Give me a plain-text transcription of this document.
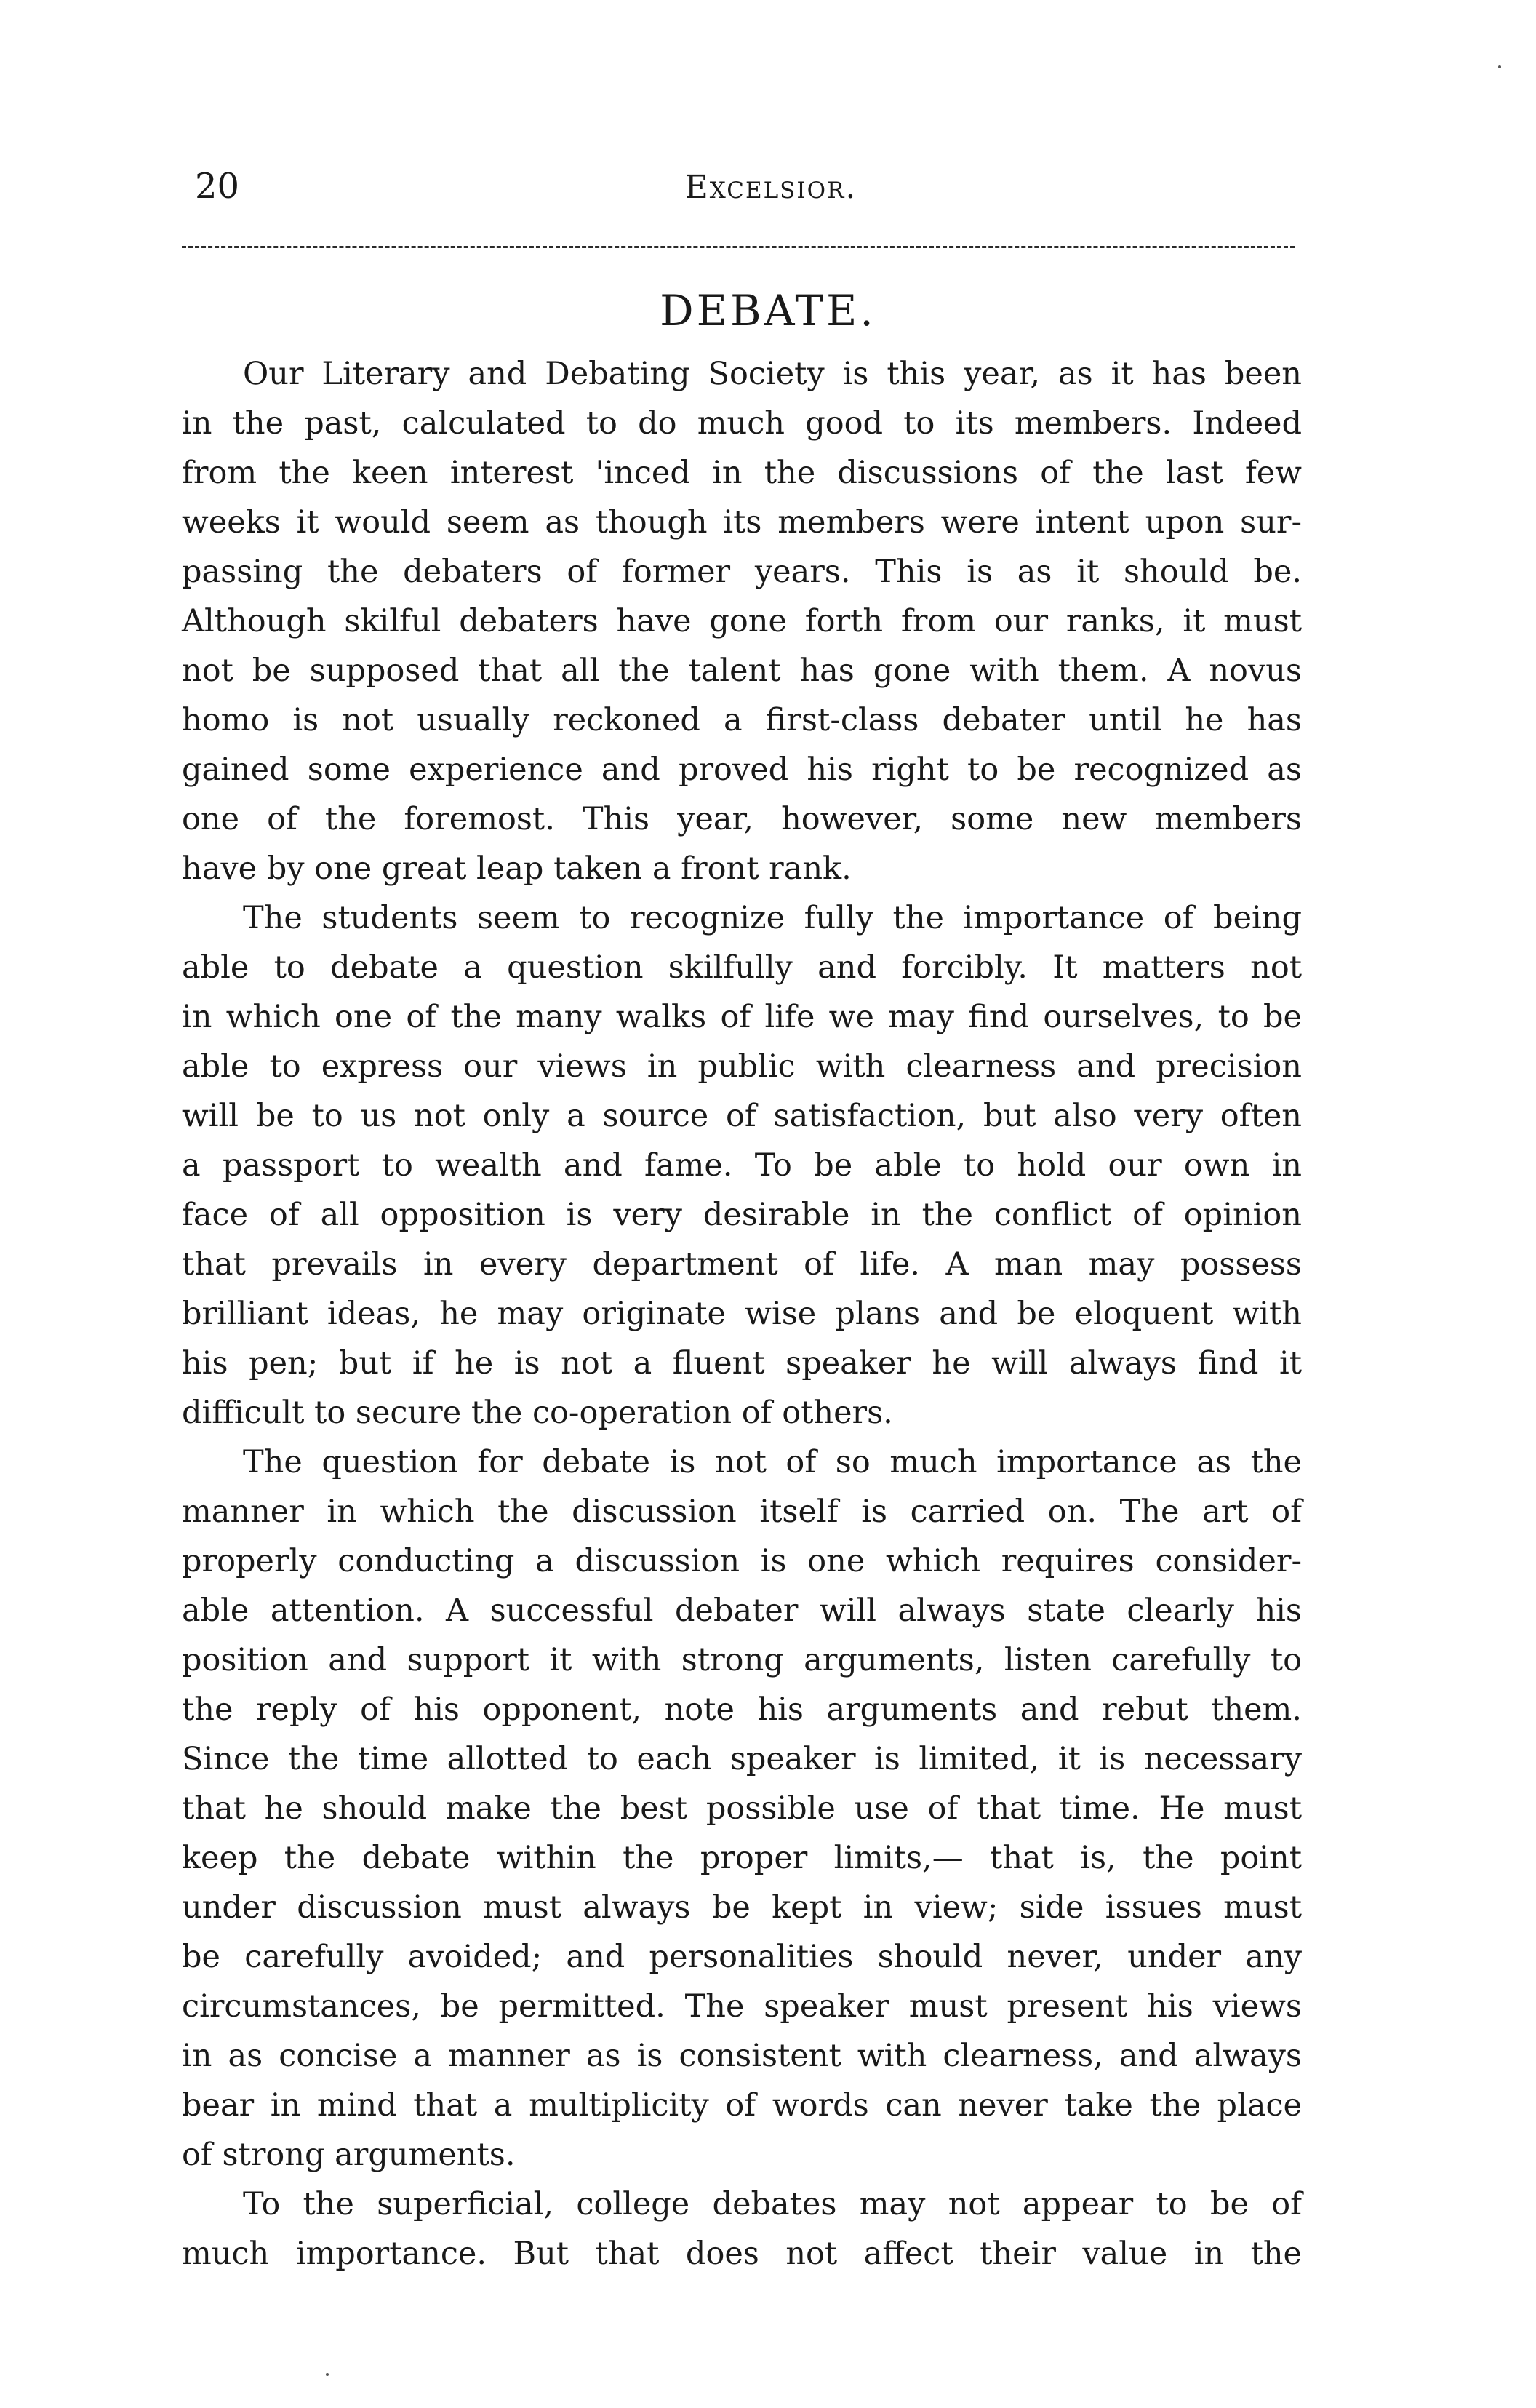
20	Excelsior.
DEBATE.
Our Literary and Debating Society is this year, as it has been
in the past, calculated to do much good to its members. Indeed
from the keen interest 'inced in the discussions of the last few
weeks it would seem as though its members were intent upon sur-
passing the debaters of former years. This is as it should be.
Although skilful debaters have gone forth from our ranks, it must
not be supposed that all the talent has gone with them. A novus
homo is not usually reckoned a first-class debater until he has
gained some experience and proved his right to be recognized as
one of the foremost. This year, however, some new members
have by one great leap taken a front rank.
The students seem to recognize fully the importance of being
able to debate a question skilfully and forcibly. It matters not
in which one of the many walks of life we may find ourselves, to be
able to express our views in public with clearness and precision
will be to us not only a source of satisfaction, but also very often
a passport to wealth and fame. To be able to hold our own in
face of all opposition is very desirable in the conflict of opinion
that prevails in every department of life. A man may possess
brilliant ideas, he may originate wise plans and be eloquent with
his pen; but if he is not a fluent speaker he will always find it
difficult to secure the co-operation of others.
The question for debate is not of so much importance as the
manner in which the discussion itself is carried on. The art of
properly conducting a discussion is one which requires consider-
able attention. A successful debater will always state clearly his
position and support it with strong arguments, listen carefully to
the reply of his opponent, note his arguments and rebut them.
Since the time allotted to each speaker is limited, it is necessary
that he should make the best possible use of that time. He must
keep the debate within the proper limits,— that is, the point
under discussion must always be kept in view; side issues must
be carefully avoided; and personalities should never, under any
circumstances, be permitted. The speaker must present his views
in as concise a manner as is consistent with clearness, and always
bear in mind that a multiplicity of words can never take the place
of strong arguments.
To the superficial, college debates may not appear to be of
much importance. But that does not affect their value in the
